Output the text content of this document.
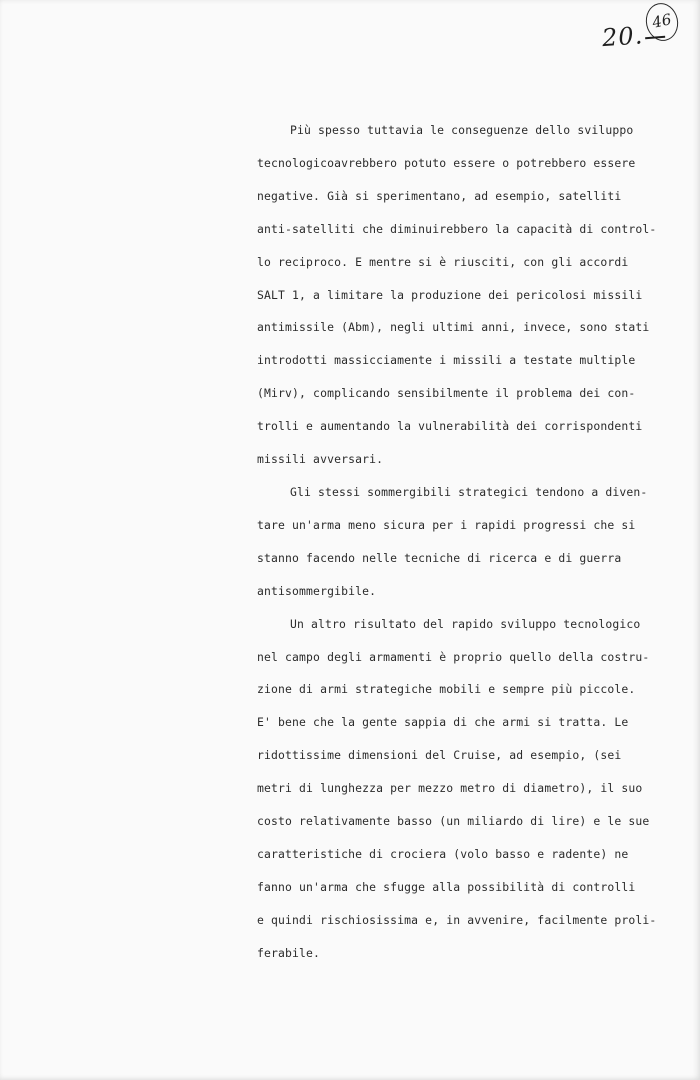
46
20.
Più spesso tuttavia le conseguenze dello sviluppo
tecnologicoavrebbero potuto essere o potrebbero essere
negative. Già si sperimentano, ad esempio, satelliti
anti-satelliti che diminuirebbero la capacità di control-
lo reciproco. E mentre si è riusciti, con gli accordi
SALT 1, a limitare la produzione dei pericolosi missili
antimissile (Abm), negli ultimi anni, invece, sono stati
introdotti massicciamente i missili a testate multiple
(Mirv), complicando sensibilmente il problema dei con-
trolli e aumentando la vulnerabilità dei corrispondenti
missili avversari.
Gli stessi sommergibili strategici tendono a diven-
tare un'arma meno sicura per i rapidi progressi che si
stanno facendo nelle tecniche di ricerca e di guerra
antisommergibile.
Un altro risultato del rapido sviluppo tecnologico
nel campo degli armamenti è proprio quello della costru-
zione di armi strategiche mobili e sempre più piccole.
E' bene che la gente sappia di che armi si tratta. Le
ridottissime dimensioni del Cruise, ad esempio, (sei
metri di lunghezza per mezzo metro di diametro), il suo
costo relativamente basso (un miliardo di lire) e le sue
caratteristiche di crociera (volo basso e radente) ne
fanno un'arma che sfugge alla possibilità di controlli
e quindi rischiosissima e, in avvenire, facilmente proli-
ferabile.
